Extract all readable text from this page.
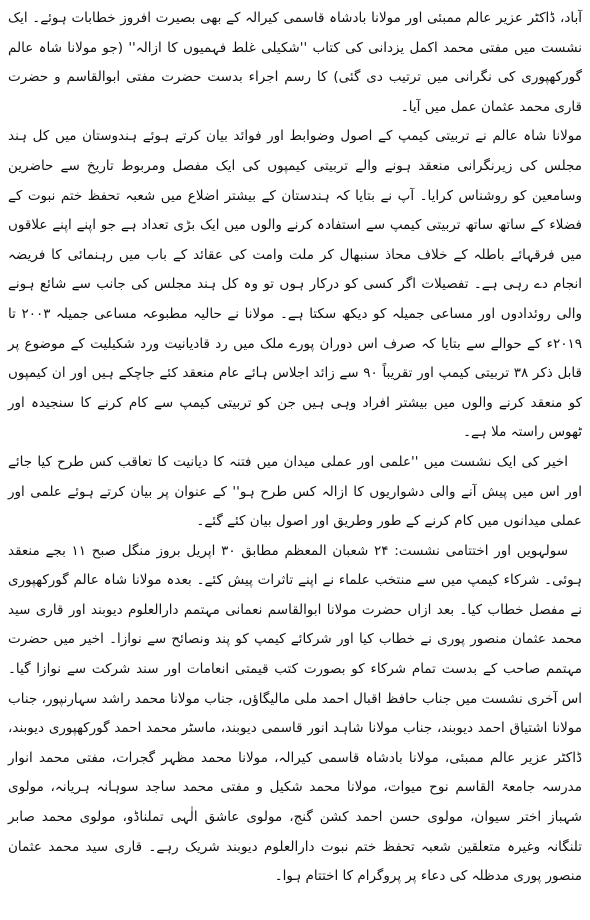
آباد، ڈاکٹر عزیر عالم ممبئی اور مولانا بادشاہ قاسمی کیرالہ کے بھی بصیرت افروز خطابات ہوئے۔ ایک نشست میں مفتی محمد اکمل یزدانی کی کتاب ''شکیلی غلط فہمیوں کا ازالہ'' (جو مولانا شاہ عالم گورکھپوری کی نگرانی میں ترتیب دی گئی) کا رسم اجراء بدست حضرت مفتی ابوالقاسم و حضرت قاری محمد عثمان عمل میں آیا۔

مولانا شاہ عالم نے تربیتی کیمپ کے اصول وضوابط اور فوائد بیان کرتے ہوئے ہندوستان میں کل ہند مجلس کی زیرنگرانی منعقد ہونے والے تربیتی کیمپوں کی ایک مفصل ومربوط تاریخ سے حاضرین وسامعین کو روشناس کرایا۔ آپ نے بتایا کہ ہندستان کے بیشتر اضلاع میں شعبہ تحفظ ختم نبوت کے فضلاء کے ساتھ ساتھ تربیتی کیمپ سے استفادہ کرنے والوں میں ایک بڑی تعداد ہے جو اپنے اپنے علاقوں میں فرقہائے باطلہ کے خلاف محاذ سنبھال کر ملت وامت کی عقائد کے باب میں رہنمائی کا فریضہ انجام دے رہی ہے۔ تفصیلات اگر کسی کو درکار ہوں تو وہ کل ہند مجلس کی جانب سے شائع ہونے والی روئدادوں اور مساعی جمیلہ کو دیکھ سکتا ہے۔ مولانا نے حالیہ مطبوعہ مساعی جمیلہ ۲۰۰۳ تا ۲۰۱۹ء کے حوالے سے بتایا کہ صرف اس دوران پورے ملک میں رد قادیانیت ورد شکیلیت کے موضوع پر قابل ذکر ۳۸ تربیتی کیمپ اور تقریباً ۹۰ سے زائد اجلاس ہائے عام منعقد کئے جاچکے ہیں اور ان کیمپوں کو منعقد کرنے والوں میں بیشتر افراد وہی ہیں جن کو تربیتی کیمپ سے کام کرنے کا سنجیدہ اور ٹھوس راستہ ملا ہے۔

اخیر کی ایک نشست میں ''علمی اور عملی میدان میں فتنہ کا دیانیت کا تعاقب کس طرح کیا جائے اور اس میں پیش آنے والی دشواریوں کا ازالہ کس طرح ہو'' کے عنوان پر بیان کرتے ہوئے علمی اور عملی میدانوں میں کام کرنے کے طور وطریق اور اصول بیان کئے گئے۔

سولہویں اور اختتامی نشست: ۲۴ شعبان المعظم مطابق ۳۰ اپریل بروز منگل صبح ۱۱ بجے منعقد ہوئی۔ شرکاء کیمپ میں سے منتخب علماء نے اپنے تاثرات پیش کئے۔ بعدہ مولانا شاہ عالم گورکھپوری نے مفصل خطاب کیا۔ بعد ازاں حضرت مولانا ابوالقاسم نعمانی مہتمم دارالعلوم دیوبند اور قاری سید محمد عثمان منصور پوری نے خطاب کیا اور شرکائے کیمپ کو پند ونصائح سے نوازا۔ اخیر میں حضرت مہتمم صاحب کے بدست تمام شرکاء کو بصورت کتب قیمتی انعامات اور سند شرکت سے نوازا گیا۔ اس آخری نشست میں جناب حافظ اقبال احمد ملی مالیگاؤں، جناب مولانا محمد راشد سہارنپور، جناب مولانا اشتیاق احمد دیوبند، جناب مولانا شاہد انور قاسمی دیوبند، ماسٹر محمد احمد گورکھپوری دیوبند، ڈاکٹر عزیر عالم ممبئی، مولانا بادشاہ قاسمی کیرالہ، مولانا محمد مظہر گجرات، مفتی محمد انوار مدرسہ جامعۃ القاسم نوح میوات، مولانا محمد شکیل و مفتی محمد ساجد سوہانہ ہریانہ، مولوی شہباز اختر سیوان، مولوی حسن احمد کشن گنج، مولوی عاشق الٰہی تملناڈو، مولوی محمد صابر تلنگانہ وغیرہ متعلقین شعبہ تحفظ ختم نبوت دارالعلوم دیوبند شریک رہے۔ قاری سید محمد عثمان منصور پوری مدظلہ کی دعاء پر پروگرام کا اختتام ہوا۔
